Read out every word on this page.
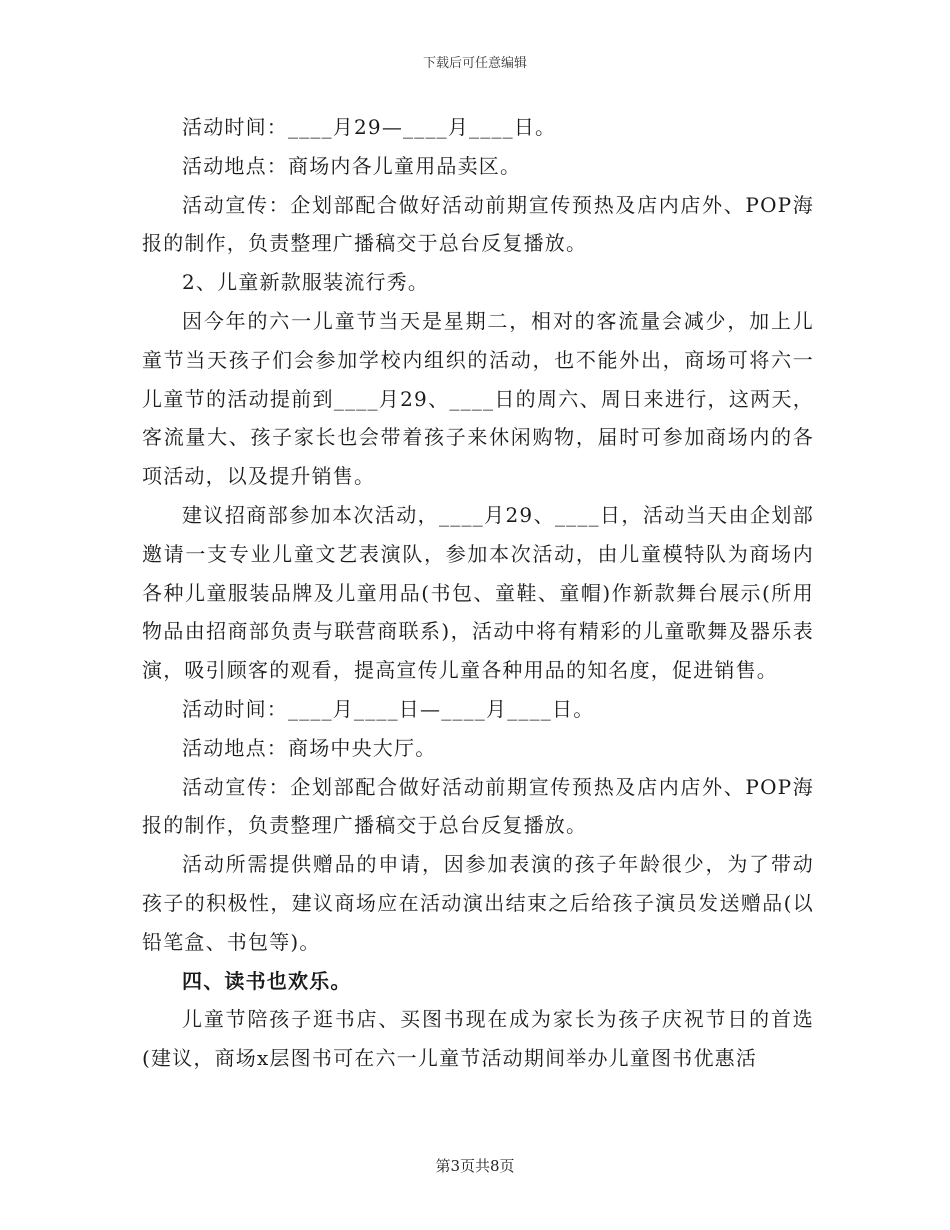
下载后可任意编辑

活动时间：____月29—____月____日。

活动地点：商场内各儿童用品卖区。

活动宣传：企划部配合做好活动前期宣传预热及店内店外、POP海报的制作，负责整理广播稿交于总台反复播放。

2、儿童新款服装流行秀。

因今年的六一儿童节当天是星期二，相对的客流量会减少，加上儿童节当天孩子们会参加学校内组织的活动，也不能外出，商场可将六一儿童节的活动提前到____月29、____日的周六、周日来进行，这两天，客流量大、孩子家长也会带着孩子来休闲购物，届时可参加商场内的各项活动，以及提升销售。

建议招商部参加本次活动，____月29、____日，活动当天由企划部邀请一支专业儿童文艺表演队，参加本次活动，由儿童模特队为商场内各种儿童服装品牌及儿童用品(书包、童鞋、童帽)作新款舞台展示(所用物品由招商部负责与联营商联系)，活动中将有精彩的儿童歌舞及器乐表演，吸引顾客的观看，提高宣传儿童各种用品的知名度，促进销售。

活动时间：____月____日—____月____日。

活动地点：商场中央大厅。

活动宣传：企划部配合做好活动前期宣传预热及店内店外、POP海报的制作，负责整理广播稿交于总台反复播放。

活动所需提供赠品的申请，因参加表演的孩子年龄很少，为了带动孩子的积极性，建议商场应在活动演出结束之后给孩子演员发送赠品(以铅笔盒、书包等)。

四、读书也欢乐。

儿童节陪孩子逛书店、买图书现在成为家长为孩子庆祝节日的首选(建议，商场x层图书可在六一儿童节活动期间举办儿童图书优惠活

第3页共8页
